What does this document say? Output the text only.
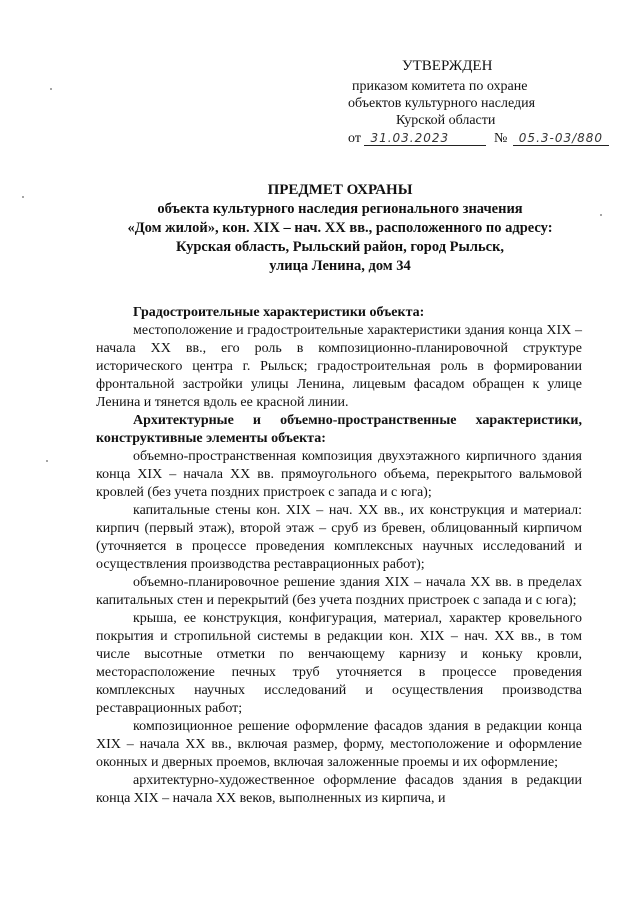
УТВЕРЖДЕН
приказом комитета по охране
объектов культурного наследия
Курской области
от 31.03.2023	№ 05.3-03/880
ПРЕДМЕТ ОХРАНЫ
объекта культурного наследия регионального значения
«Дом жилой», кон. XIX – нач. XX вв., расположенного по адресу:
Курская область, Рыльский район, город Рыльск,
улица Ленина, дом 34

Градостроительные характеристики объекта:

местоположение и градостроительные характеристики здания конца XIX – начала XX вв., его роль в композиционно-планировочной структуре исторического центра г. Рыльск; градостроительная роль в формировании фронтальной застройки улицы Ленина, лицевым фасадом обращен к улице Ленина и тянется вдоль ее красной линии.

Архитектурные и объемно-пространственные характеристики, конструктивные элементы объекта:

объемно-пространственная композиция двухэтажного кирпичного здания конца XIX – начала XX вв. прямоугольного объема, перекрытого вальмовой кровлей (без учета поздних пристроек с запада и с юга);

капитальные стены кон. XIX – нач. XX вв., их конструкция и материал: кирпич (первый этаж), второй этаж – сруб из бревен, облицованный кирпичом (уточняется в процессе проведения комплексных научных исследований и осуществления производства реставрационных работ);

объемно-планировочное решение здания XIX – начала XX вв. в пределах капитальных стен и перекрытий (без учета поздних пристроек с запада и с юга);

крыша, ее конструкция, конфигурация, материал, характер кровельного покрытия и стропильной системы в редакции кон. XIX – нач. XX вв., в том числе высотные отметки по венчающему карнизу и коньку кровли, месторасположение печных труб уточняется в процессе проведения комплексных научных исследований и осуществления производства реставрационных работ;

композиционное решение оформление фасадов здания в редакции конца XIX – начала XX вв., включая размер, форму, местоположение и оформление оконных и дверных проемов, включая заложенные проемы и их оформление;

архитектурно-художественное оформление фасадов здания в редакции конца XIX – начала XX веков, выполненных из кирпича, и
